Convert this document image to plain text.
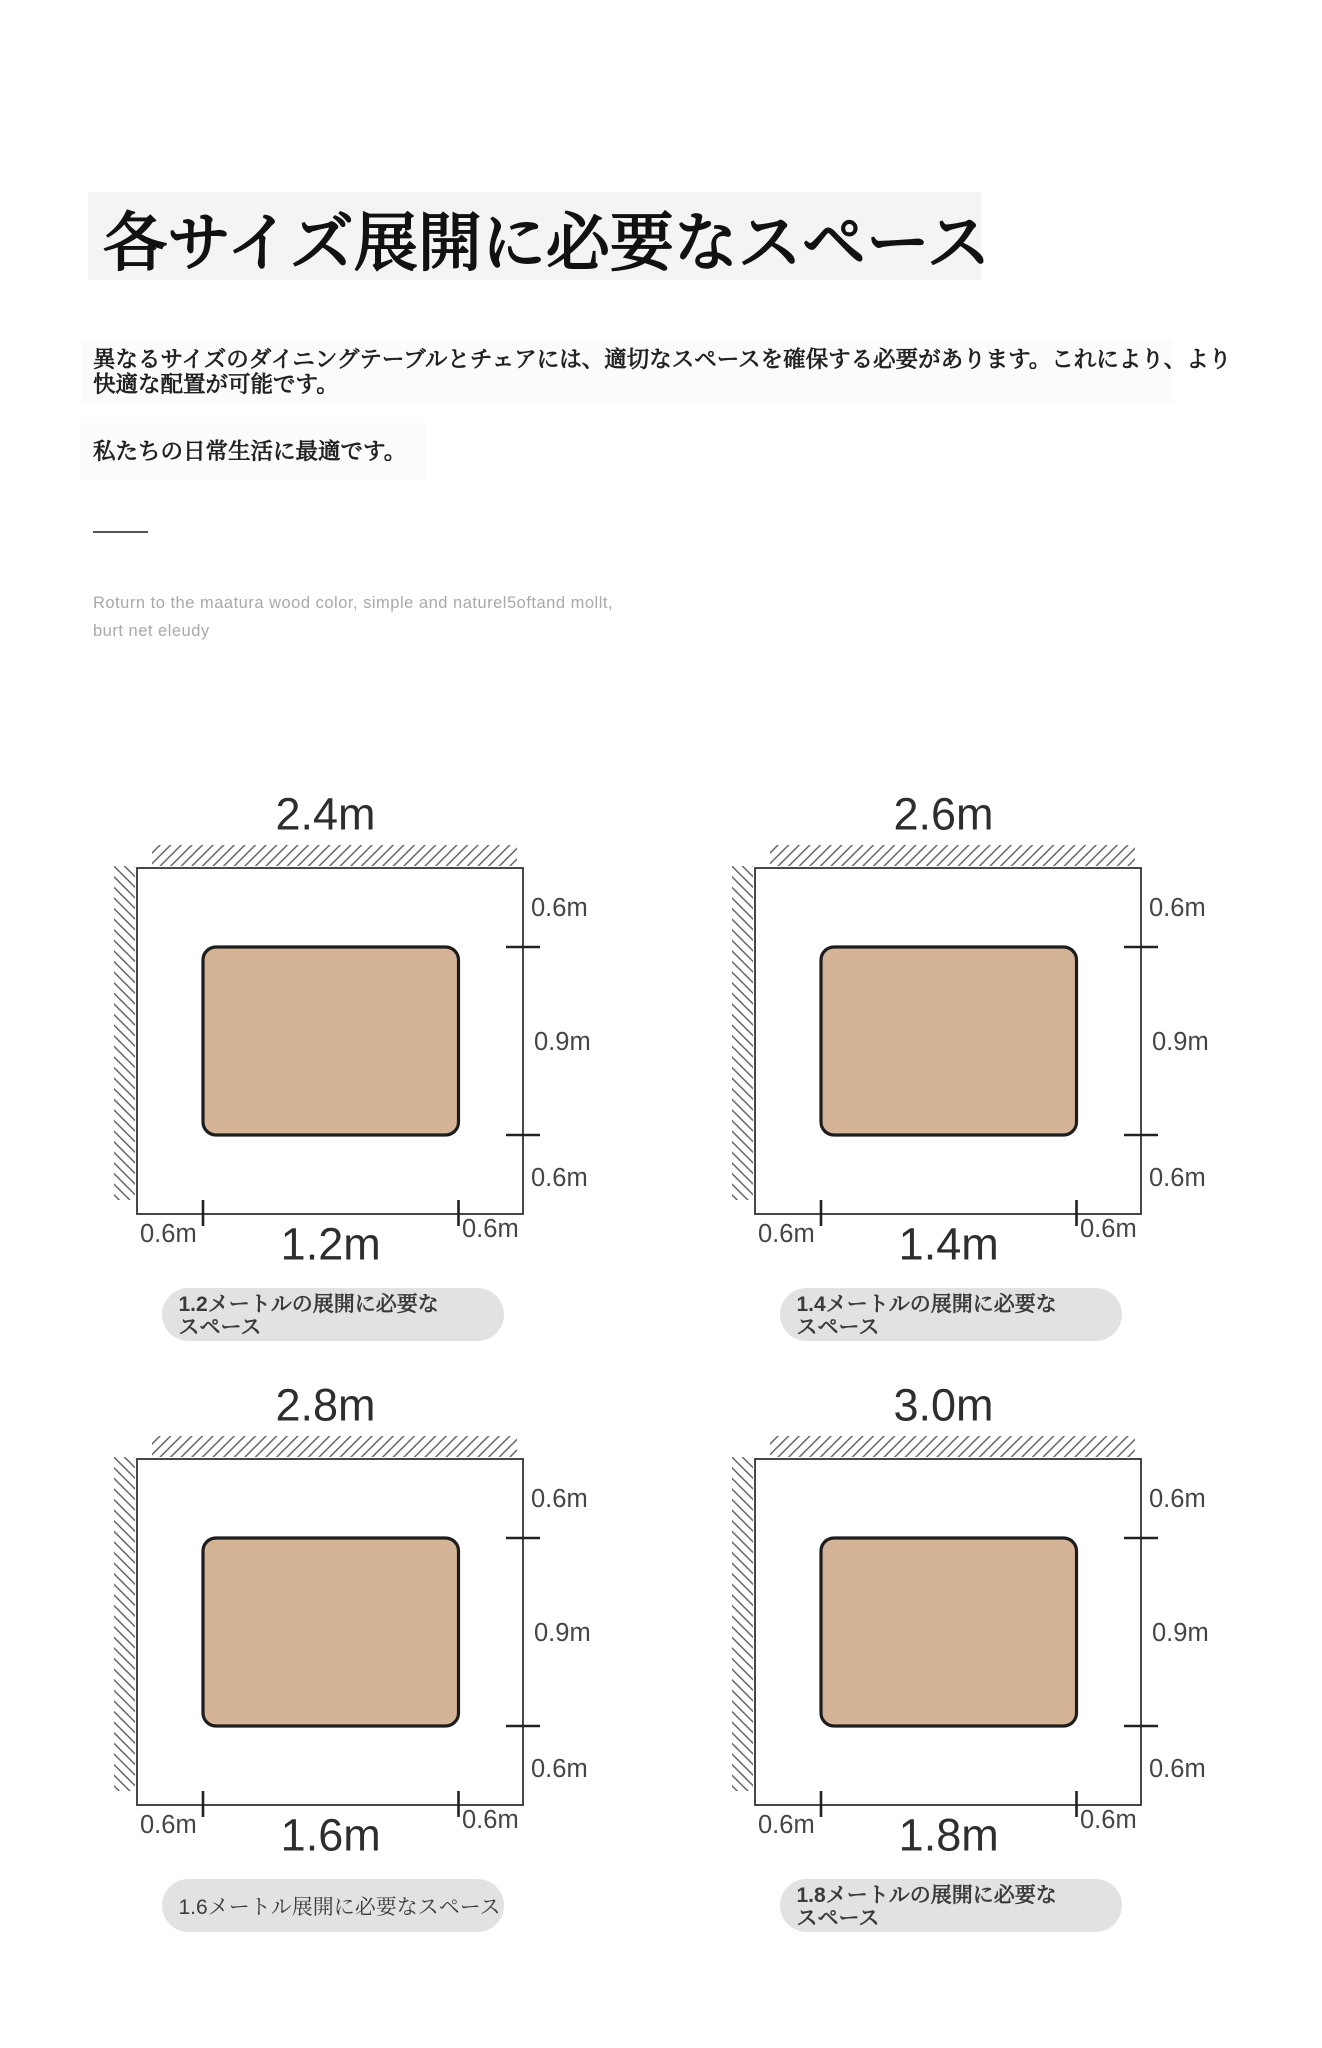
各サイズ展開に必要なスペース
異なるサイズのダイニングテーブルとチェアには、適切なスペースを確保する必要があります。これにより、より
快適な配置が可能です。
私たちの日常生活に最適です。
Roturn to the maatura wood color, simple and naturel5oftand mollt,
burt net eleudy
2.4m
0.6m
0.9m
0.6m
0.6m 1.2m	0.6m
1.2メートルの展開に必要な
スペース
2.6m
0.6m
0.9m
0.6m
0.6m 1.4m	0.6m
1.4メートルの展開に必要な
スペース
2.8m
0.6m
0.9m
0.6m
0.6m 1.6m	0.6m
1.6メートル展開に必要なスペース
3.0m
0.6m
0.9m
0.6m
0.6m 1.8m	0.6m
1.8メートルの展開に必要な
スペース
